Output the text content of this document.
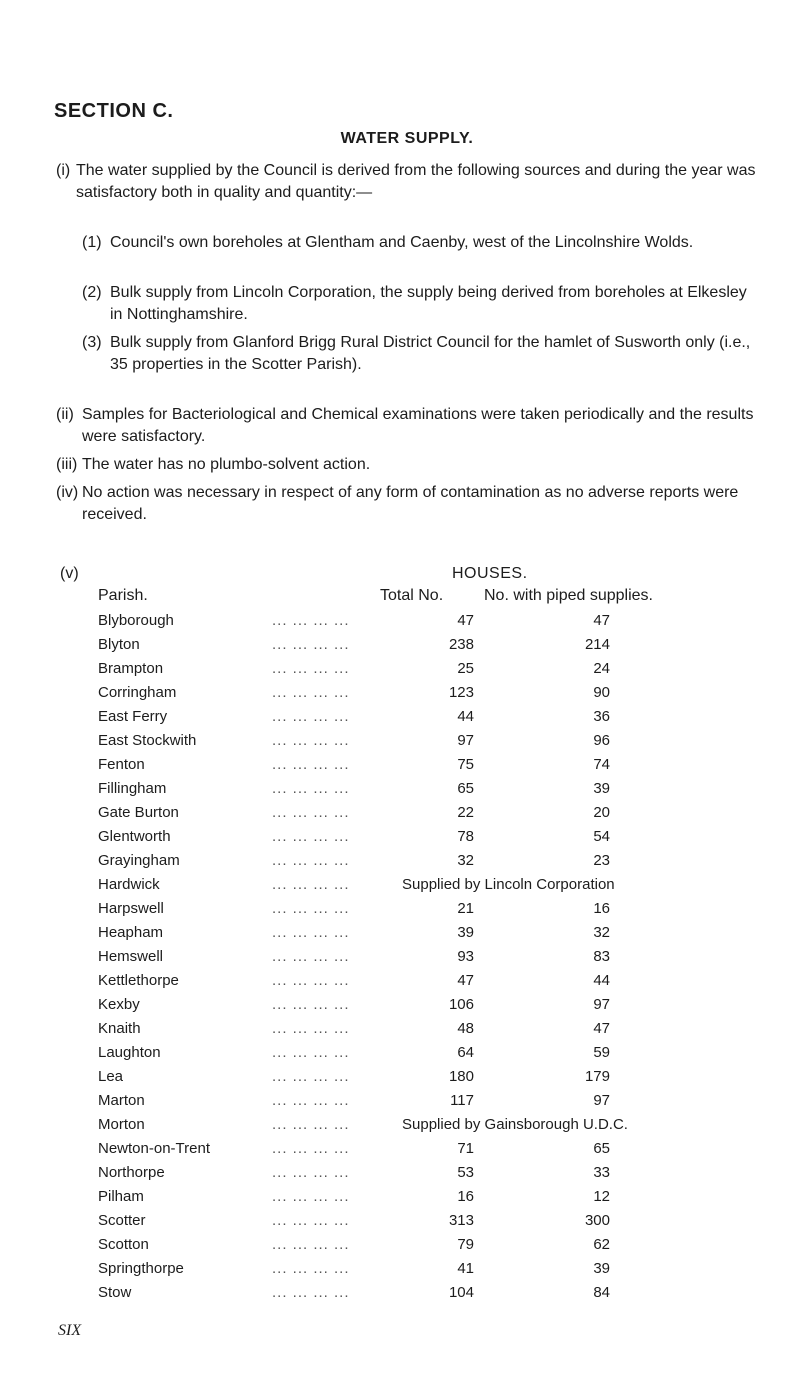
SECTION C.
WATER SUPPLY.
(i) The water supplied by the Council is derived from the following sources and during the year was satisfactory both in quality and quantity:—
(1) Council's own boreholes at Glentham and Caenby, west of the Lincolnshire Wolds.
(2) Bulk supply from Lincoln Corporation, the supply being derived from boreholes at Elkesley in Nottinghamshire.
(3) Bulk supply from Glanford Brigg Rural District Council for the hamlet of Susworth only (i.e., 35 properties in the Scotter Parish).
(ii) Samples for Bacteriological and Chemical examinations were taken periodically and the results were satisfactory.
(iii) The water has no plumbo-solvent action.
(iv) No action was necessary in respect of any form of contamination as no adverse reports were received.
(v)	HOUSES.
Parish.	Total No.	No. with piped supplies.
Blyborough	... ... ... ...	47	47
Blyton	... ... ... ...	238	214
Brampton	... ... ... ...	25	24
Corringham	... ... ... ...	123	90
East Ferry	... ... ... ...	44	36
East Stockwith	... ... ... ...	97	96
Fenton	... ... ... ...	75	74
Fillingham	... ... ... ...	65	39
Gate Burton	... ... ... ...	22	20
Glentworth	... ... ... ...	78	54
Grayingham	... ... ... ...	32	23
Hardwick	... ... ... ...	Supplied by Lincoln Corporation
Harpswell	... ... ... ...	21	16
Heapham	... ... ... ...	39	32
Hemswell	... ... ... ...	93	83
Kettlethorpe	... ... ... ...	47	44
Kexby	... ... ... ...	106	97
Knaith	... ... ... ...	48	47
Laughton	... ... ... ...	64	59
Lea	... ... ... ...	180	179
Marton	... ... ... ...	117	97
Morton	... ... ... ...	Supplied by Gainsborough U.D.C.
Newton-on-Trent	... ... ... ...	71	65
Northorpe	... ... ... ...	53	33
Pilham	... ... ... ...	16	12
Scotter	... ... ... ...	313	300
Scotton	... ... ... ...	79	62
Springthorpe	... ... ... ...	41	39
Stow	... ... ... ...	104	84
SIX
